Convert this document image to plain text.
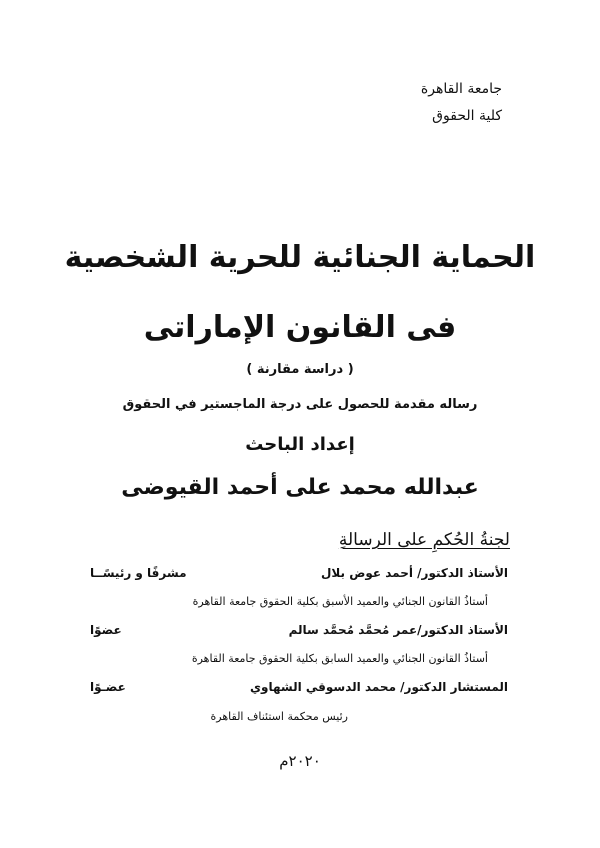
جامعة القاهرة
كلية الحقوق
الحماية الجنائية للحرية الشخصية
فى القانون الإماراتى
( دراسة مقارنة )
رساله مقدمة للحصول على درجة الماجستير في الحقوق
إعداد الباحث
عبدالله محمد على أحمد القيوضى
لجنةُ الحُكمِ على الرسالةِ
الأستاذ الدكتور/ أحمد عوض بلال
مشرفًا و رئيسًــا
أستاذُ القانون الجنائي والعميد الأسبق بكلية الحقوق جامعة القاهرة
الأستاذ الدكتور/عمر مُحمَّد مُحمَّد سالم
عضوًا
أستاذُ القانون الجنائي والعميد السابق بكلية الحقوق جامعة القاهرة
المستشار الدكتور/ محمد الدسوقي الشهاوي
عضـوًا
رئيس محكمة استئناف القاهرة
٢٠٢٠م
